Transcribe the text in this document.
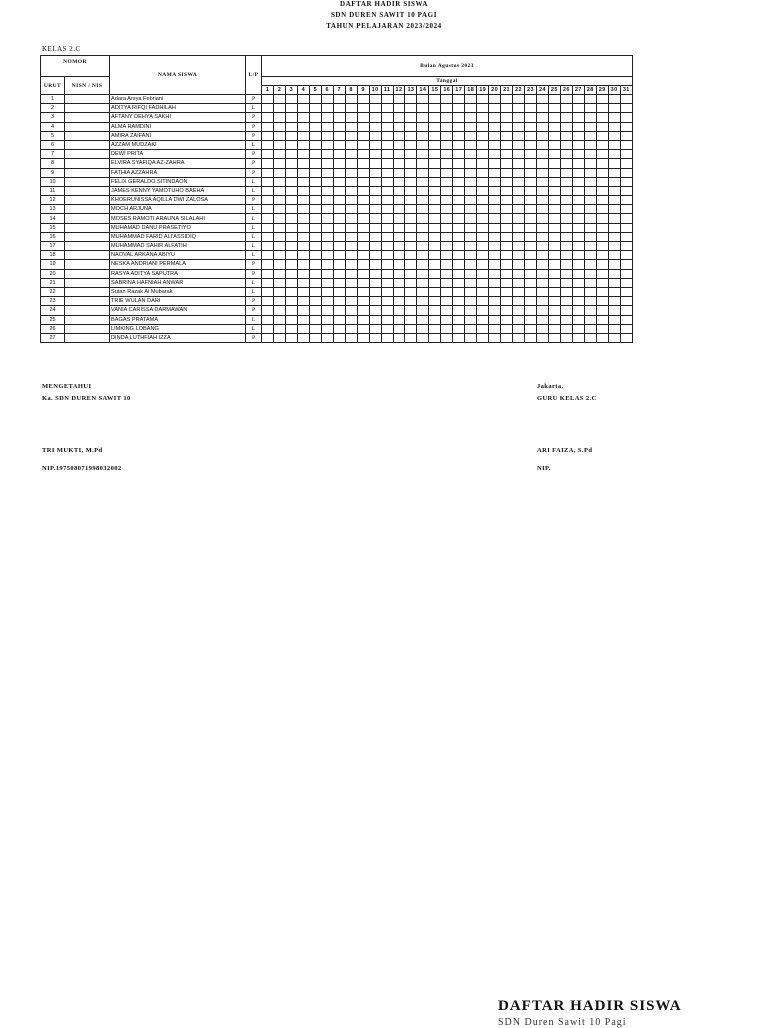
DAFTAR HADIR SISWA
SDN DUREN SAWIT 10 PAGI
TAHUN PELAJARAN 2023/2024
KELAS 2.C
NOMOR		NAMA SISWA	L/P	Bulan Agustus 2023																														
URUT	NISN / NIS			Tanggal																														
				1	2	3	4	5	6	7	8	9	10	11	12	13	14	15	16	17	18	19	20	21	22	23	24	25	26	27	28	29	30	31
1		Adara Arsya Febriani	P																															
2		ADITYA RIFQI FADHILAH	L																															
3		AFTANY DEHYA SAKHI	P																															
4		ALMA RAMDINI	P																															
5		AMIRA ZAIFANI	P																															
6		AZZAM MUDZAKI	L																															
7		DEWI PRITA	P																															
8		ELVIRA SYAFIQA AZ-ZAHRA	P																															
9		FATHIA AZZAHRA	P																															
10		FELIX GERALDO SITINDAON	L																															
11		JAMES KENNY YAMOTUHO BAEHA	L																															
12		KHOERUNISSA AQILLA DWI ZALOSA	P																															
13		MOCH ARJUNA	L																															
14		MOSES RAMOTI ARAUNA SILALAHI	L																															
15		MUHAMAD DANU PRASETIYO	L																															
16		MUHAMMAD FARID ALI'ASSIDIQ	L																															
17		MUHAMMAD SAHIR ALFATIH	L																															
18		NAOVAL ARKANA ABIYU	L																															
19		NESKA ANDRIANI PERMALA	P																															
20		RASYA ADITYA SAPUTRA	P																															
21		SABRINA HAFNIAH ANWAR	L																															
22		Sutan Razak Al Mubarak	L																															
23		TRIE WULAN DARI	P																															
24		VANIA CARISSA DARMAWAN	P																															
25		BAGAS PRATAMA	L																															
26		LIMKING LOBANG	L																															
27		DINDA LUTHFIAH IZZA	P																															
MENGETAHUI
Ka. SDN DUREN SAWIT 10
TRI MUKTI, M.Pd
NIP.197508071998032002
Jakarta,
GURU KELAS 2.C
ARI FAIZA, S.Pd
NIP.
DAFTAR HADIR SISWA
SDN Duren Sawit 10 Pagi
